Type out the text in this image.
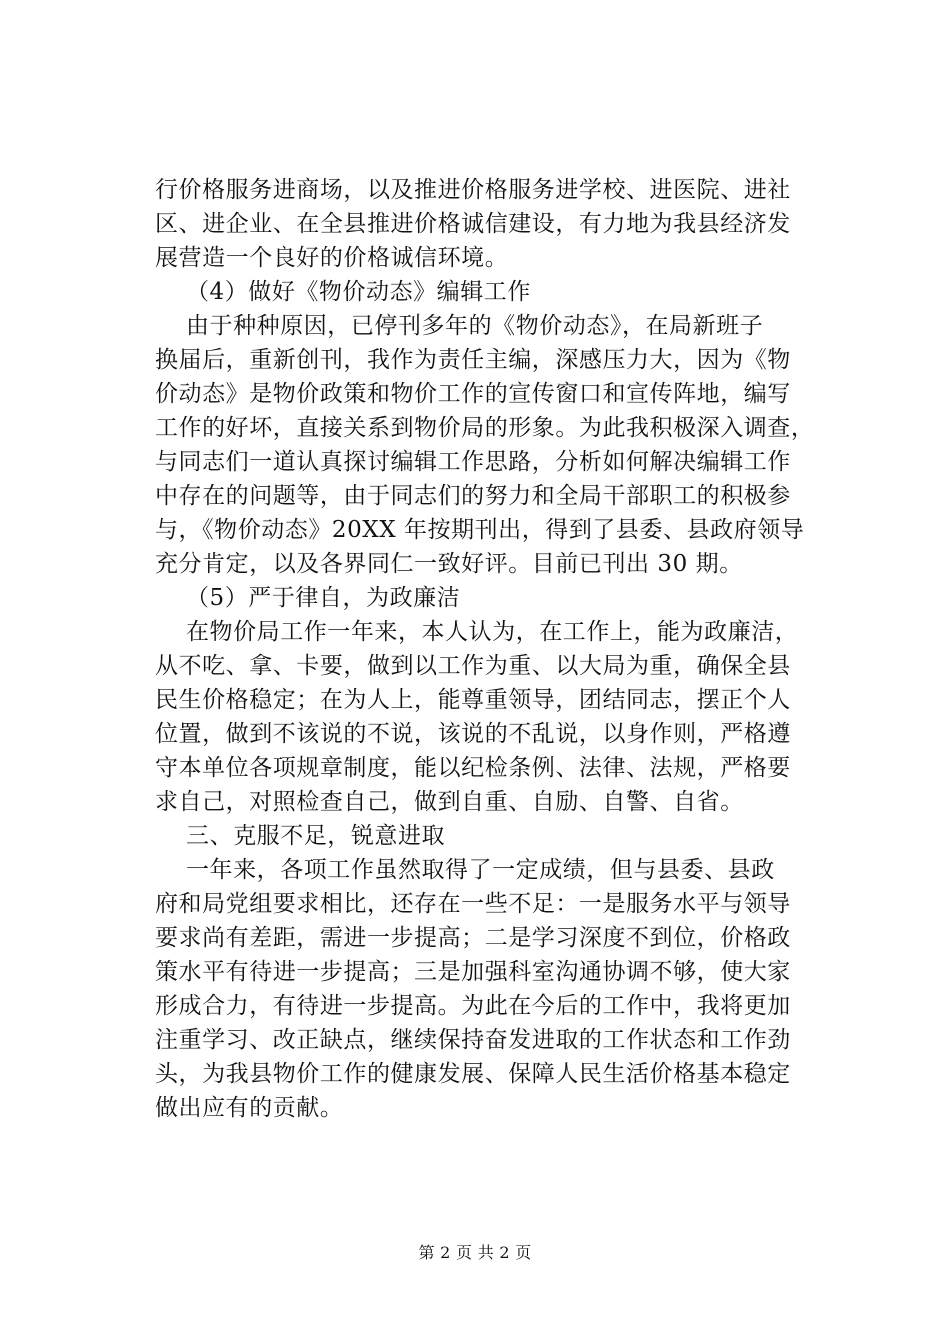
行价格服务进商场，以及推进价格服务进学校、进医院、进社
区、进企业、在全县推进价格诚信建设，有力地为我县经济发
展营造一个良好的价格诚信环境。
（4）做好《物价动态》编辑工作
由于种种原因，已停刊多年的《物价动态》，在局新班子
换届后，重新创刊，我作为责任主编，深感压力大，因为《物
价动态》是物价政策和物价工作的宣传窗口和宣传阵地，编写
工作的好坏，直接关系到物价局的形象。为此我积极深入调查，
与同志们一道认真探讨编辑工作思路，分析如何解决编辑工作
中存在的问题等，由于同志们的努力和全局干部职工的积极参
与，《物价动态》20XX 年按期刊出，得到了县委、县政府领导
充分肯定，以及各界同仁一致好评。目前已刊出 30 期。
（5）严于律自，为政廉洁
在物价局工作一年来，本人认为，在工作上，能为政廉洁，
从不吃、拿、卡要，做到以工作为重、以大局为重，确保全县
民生价格稳定；在为人上，能尊重领导，团结同志，摆正个人
位置，做到不该说的不说，该说的不乱说，以身作则，严格遵
守本单位各项规章制度，能以纪检条例、法律、法规，严格要
求自己，对照检查自己，做到自重、自励、自警、自省。
三、克服不足，锐意进取
一年来，各项工作虽然取得了一定成绩，但与县委、县政
府和局党组要求相比，还存在一些不足：一是服务水平与领导
要求尚有差距，需进一步提高；二是学习深度不到位，价格政
策水平有待进一步提高；三是加强科室沟通协调不够，使大家
形成合力，有待进一步提高。为此在今后的工作中，我将更加
注重学习、改正缺点，继续保持奋发进取的工作状态和工作劲
头，为我县物价工作的健康发展、保障人民生活价格基本稳定
做出应有的贡献。
第 2 页 共 2 页
